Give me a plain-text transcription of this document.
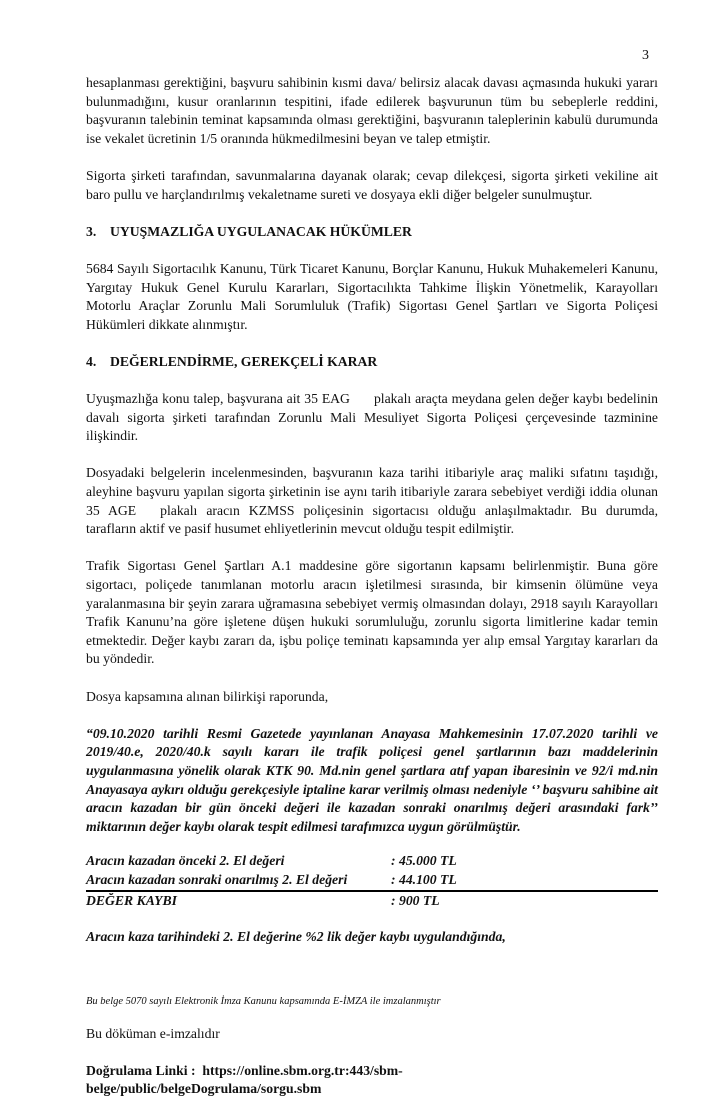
3

hesaplanması gerektiğini, başvuru sahibinin kısmi dava/ belirsiz alacak davası açmasında hukuki yararı bulunmadığını, kusur oranlarının tespitini, ifade edilerek başvurunun tüm bu sebeplerle reddini, başvuranın talebinin teminat kapsamında olması gerektiğini, başvuranın taleplerinin kabulü durumunda ise vekalet ücretinin 1/5 oranında hükmedilmesini beyan ve talep etmiştir.

Sigorta şirketi tarafından, savunmalarına dayanak olarak; cevap dilekçesi, sigorta şirketi vekiline ait baro pullu ve harçlandırılmış vekaletname sureti ve dosyaya ekli diğer belgeler sunulmuştur.

3. UYUŞMAZLIĞA UYGULANACAK HÜKÜMLER

5684 Sayılı Sigortacılık Kanunu, Türk Ticaret Kanunu, Borçlar Kanunu, Hukuk Muhakemeleri Kanunu, Yargıtay Hukuk Genel Kurulu Kararları, Sigortacılıkta Tahkime İlişkin Yönetmelik, Karayolları Motorlu Araçlar Zorunlu Mali Sorumluluk (Trafik) Sigortası Genel Şartları ve Sigorta Poliçesi Hükümleri dikkate alınmıştır.

4. DEĞERLENDİRME, GEREKÇELİ KARAR

Uyuşmazlığa konu talep, başvurana ait 35 EAG plakalı araçta meydana gelen değer kaybı bedelinin davalı sigorta şirketi tarafından Zorunlu Mali Mesuliyet Sigorta Poliçesi çerçevesinde tazminine ilişkindir.

Dosyadaki belgelerin incelenmesinden, başvuranın kaza tarihi itibariyle araç maliki sıfatını taşıdığı, aleyhine başvuru yapılan sigorta şirketinin ise aynı tarih itibariyle zarara sebebiyet verdiği iddia olunan 35 AGE plakalı aracın KZMSS poliçesinin sigortacısı olduğu anlaşılmaktadır. Bu durumda, tarafların aktif ve pasif husumet ehliyetlerinin mevcut olduğu tespit edilmiştir.

Trafik Sigortası Genel Şartları A.1 maddesine göre sigortanın kapsamı belirlenmiştir. Buna göre sigortacı, poliçede tanımlanan motorlu aracın işletilmesi sırasında, bir kimsenin ölümüne veya yaralanmasına bir şeyin zarara uğramasına sebebiyet vermiş olmasından dolayı, 2918 sayılı Karayolları Trafik Kanunu’na göre işletene düşen hukuki sorumluluğu, zorunlu sigorta limitlerine kadar temin etmektedir. Değer kaybı zararı da, işbu poliçe teminatı kapsamında yer alıp emsal Yargıtay kararları da bu yöndedir.

Dosya kapsamına alınan bilirkişi raporunda,

“09.10.2020 tarihli Resmi Gazetede yayınlanan Anayasa Mahkemesinin 17.07.2020 tarihli ve 2019/40.e, 2020/40.k sayılı kararı ile trafik poliçesi genel şartlarının bazı maddelerinin uygulanmasına yönelik olarak KTK 90. Md.nin genel şartlara atıf yapan ibaresinin ve 92/i md.nin Anayasaya aykırı olduğu gerekçesiyle iptaline karar verilmiş olması nedeniyle ‘’ başvuru sahibine ait aracın kazadan bir gün önceki değeri ile kazadan sonraki onarılmış değeri arasındaki fark’’ miktarının değer kaybı olarak tespit edilmesi tarafımızca uygun görülmüştür.

Aracın kazadan önceki 2. El değeri	: 45.000 TL
Aracın kazadan sonraki onarılmış 2. El değeri	: 44.100 TL
DEĞER KAYBI	: 900 TL

Aracın kaza tarihindeki 2. El değerine %2 lik değer kaybı uygulandığında,

Bu belge 5070 sayılı Elektronik İmza Kanunu kapsamında E-İMZA ile imzalanmıştır
Bu döküman e-imzalıdır
Doğrulama Linki : https://online.sbm.org.tr:443/sbm-
belge/public/belgeDogrulama/sorgu.sbm
